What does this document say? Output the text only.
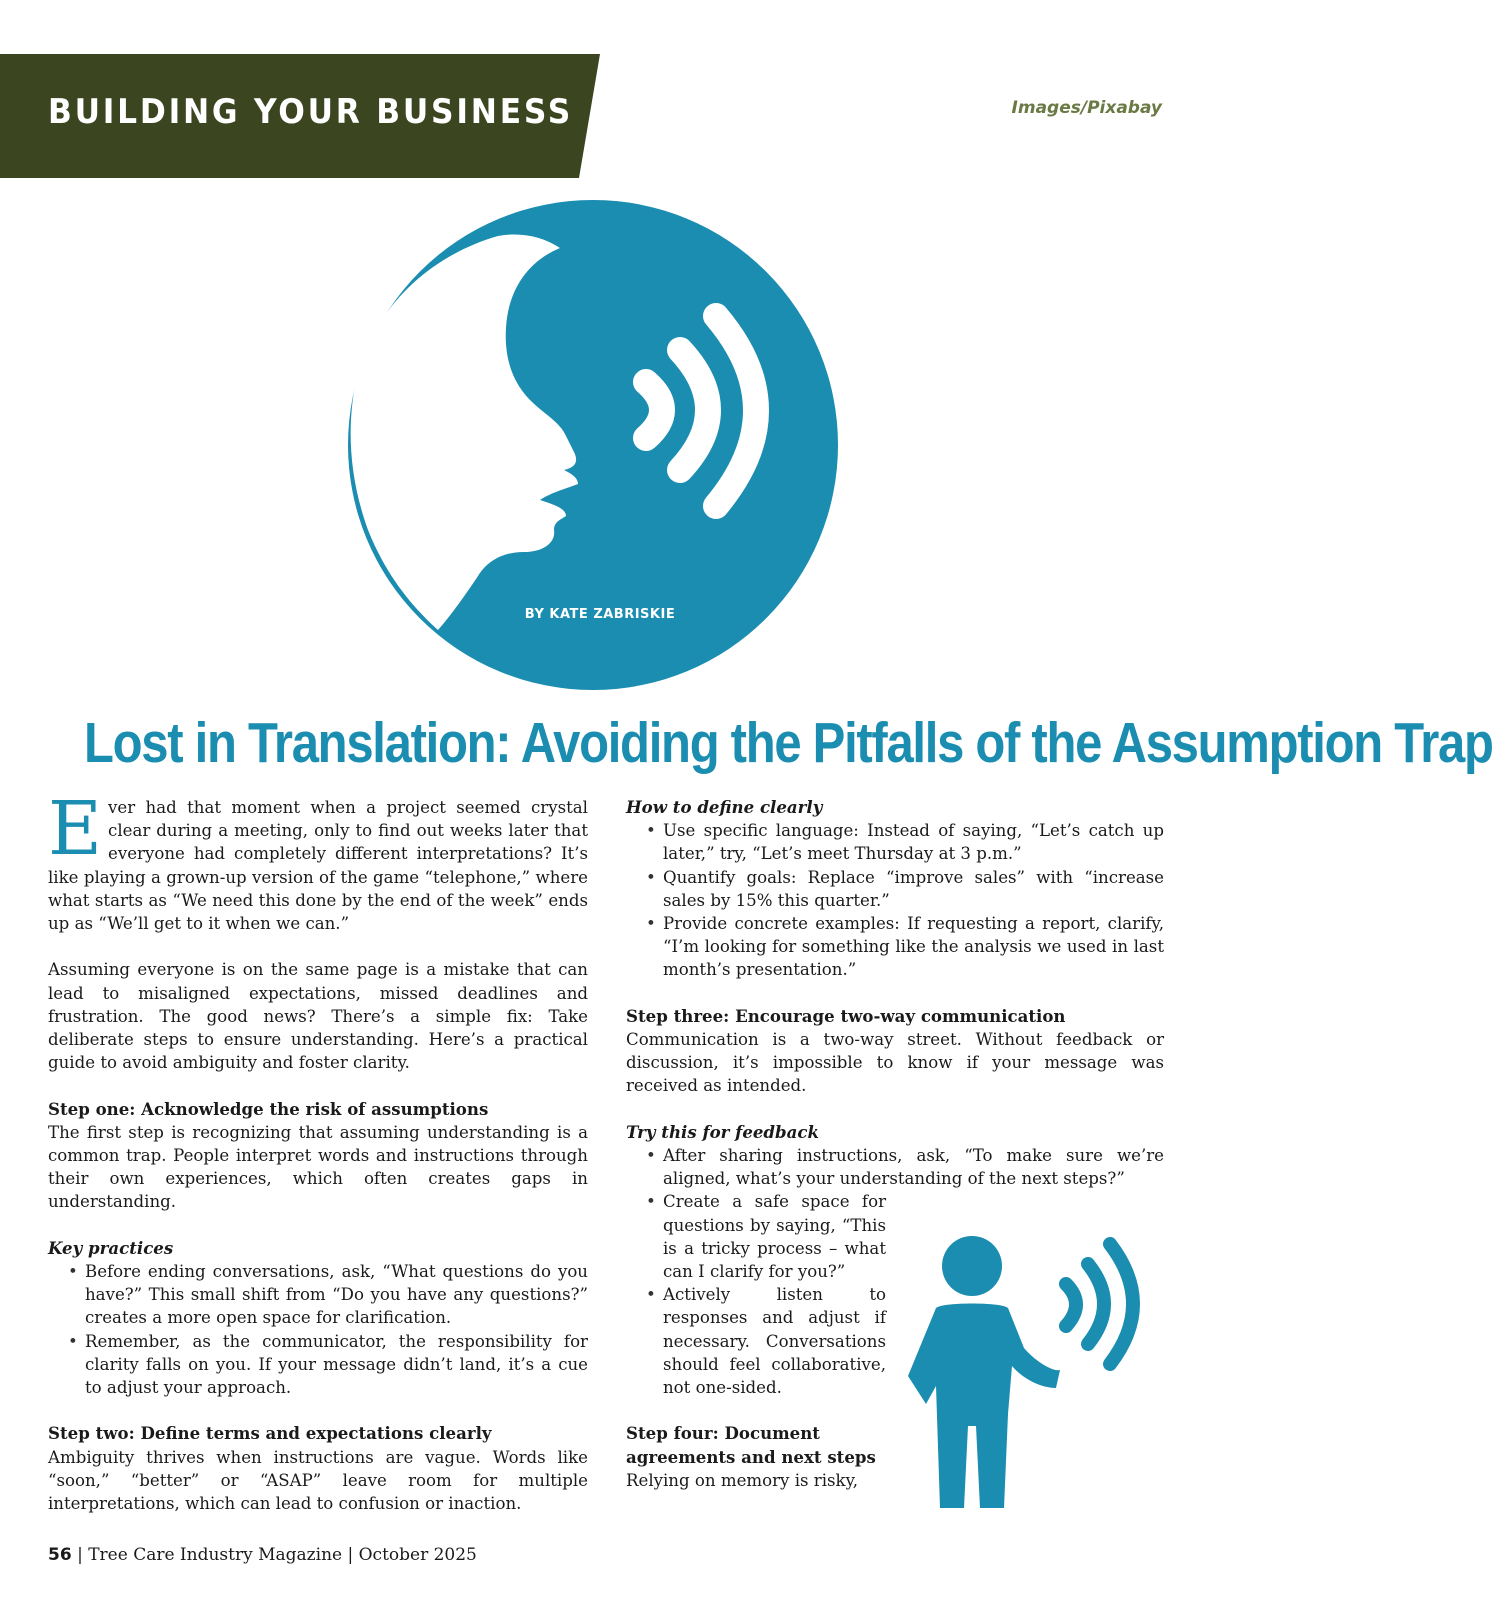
BUILDING YOUR BUSINESS	Images/Pixabay
BY KATE ZABRISKIE
Lost in Translation: Avoiding the Pitfalls of the Assumption Trap

Ever had that moment when a project seemed crystal clear during a meeting, only to find out weeks later that everyone had completely different interpretations? It’s like playing a grown-up version of the game “telephone,” where what starts as “We need this done by the end of the week” ends up as “We’ll get to it when we can.”

Assuming everyone is on the same page is a mistake that can lead to misaligned expectations, missed deadlines and frustration. The good news? There’s a simple fix: Take deliberate steps to ensure understanding. Here’s a practical guide to avoid ambiguity and foster clarity.

Step one: Acknowledge the risk of assumptions

The first step is recognizing that assuming understanding is a common trap. People interpret words and instructions through their own experiences, which often creates gaps in understanding.

Key practices
• Before ending conversations, ask, “What questions do you have?” This small shift from “Do you have any questions?” creates a more open space for clarification.
• Remember, as the communicator, the responsibility for clarity falls on you. If your message didn’t land, it’s a cue to adjust your approach.
Step two: Define terms and expectations clearly

Ambiguity thrives when instructions are vague. Words like “soon,” “better” or “ASAP” leave room for multiple interpretations, which can lead to confusion or inaction.

How to define clearly
• Use specific language: Instead of saying, “Let’s catch up later,” try, “Let’s meet Thursday at 3 p.m.”
• Quantify goals: Replace “improve sales” with “increase sales by 15% this quarter.”
• Provide concrete examples: If requesting a report, clarify, “I’m looking for something like the analysis we used in last month’s presentation.”
Step three: Encourage two-way communication

Communication is a two-way street. Without feedback or discussion, it’s impossible to know if your message was received as intended.

Try this for feedback
• After sharing instructions, ask, “To make sure we’re aligned, what’s your understanding of the next steps?”
• Create a safe space for questions by saying, “This is a tricky process – what can I clarify for you?”
• Actively listen to responses and adjust if necessary. Conversations should feel collaborative, not one-sided.
Step four: Document agreements and next steps

Relying on memory is risky,

56 | Tree Care Industry Magazine | October 2025
